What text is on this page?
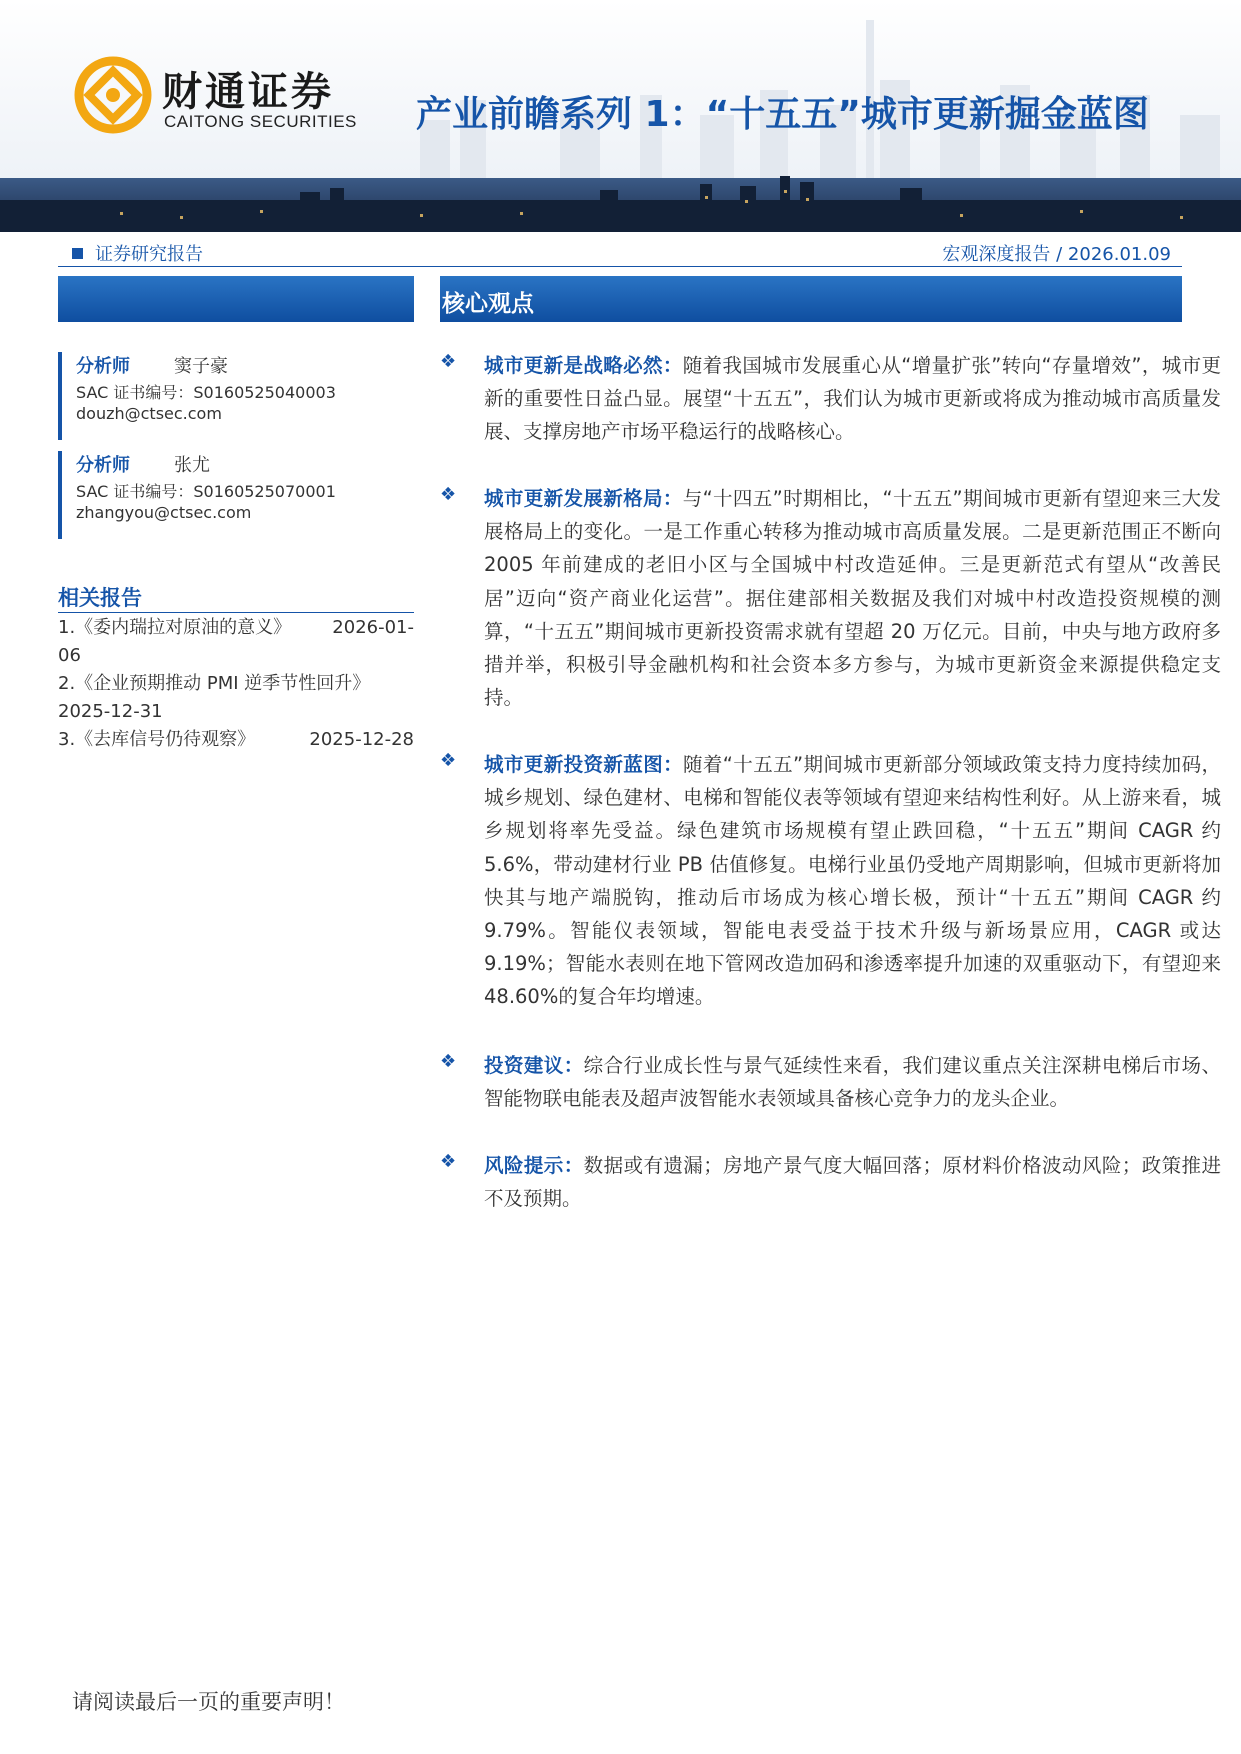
财通证券
CAITONG SECURITIES 产业前瞻系列 1：“十五五”城市更新掘金蓝图
证券研究报告	宏观深度报告 / 2026.01.09
核心观点
分析师 窦子豪
SAC 证书编号：S0160525040003
douzh@ctsec.com
分析师 张尤
SAC 证书编号：S0160525070001
zhangyou@ctsec.com
相关报告
2026-01-
1.《委内瑞拉对原油的意义》
06
2.《企业预期推动 PMI 逆季节性回升》
2025-12-31
2025-12-28
3.《去库信号仍待观察》
❖ 城市更新是战略必然：随着我国城市发展重心从“增量扩张”转向“存量增效”，城市更新的重要性日益凸显。展望“十五五”，我们认为城市更新或将成为推动城市高质量发展、支撑房地产市场平稳运行的战略核心。
❖ 城市更新发展新格局：与“十四五”时期相比，“十五五”期间城市更新有望迎来三大发展格局上的变化。一是工作重心转移为推动城市高质量发展。二是更新范围正不断向 2005 年前建成的老旧小区与全国城中村改造延伸。三是更新范式有望从“改善民居”迈向“资产商业化运营”。据住建部相关数据及我们对城中村改造投资规模的测算，“十五五”期间城市更新投资需求就有望超 20 万亿元。目前，中央与地方政府多措并举，积极引导金融机构和社会资本多方参与，为城市更新资金来源提供稳定支持。
❖ 城市更新投资新蓝图：随着“十五五”期间城市更新部分领域政策支持力度持续加码，城乡规划、绿色建材、电梯和智能仪表等领域有望迎来结构性利好。从上游来看，城乡规划将率先受益。绿色建筑市场规模有望止跌回稳，“十五五”期间 CAGR 约 5.6%，带动建材行业 PB 估值修复。电梯行业虽仍受地产周期影响，但城市更新将加快其与地产端脱钩，推动后市场成为核心增长极，预计“十五五”期间 CAGR 约 9.79%。智能仪表领域，智能电表受益于技术升级与新场景应用，CAGR 或达 9.19%；智能水表则在地下管网改造加码和渗透率提升加速的双重驱动下，有望迎来 48.60%的复合年均增速。
❖ 投资建议：综合行业成长性与景气延续性来看，我们建议重点关注深耕电梯后市场、智能物联电能表及超声波智能水表领域具备核心竞争力的龙头企业。
❖ 风险提示：数据或有遗漏；房地产景气度大幅回落；原材料价格波动风险；政策推进不及预期。
请阅读最后一页的重要声明！
